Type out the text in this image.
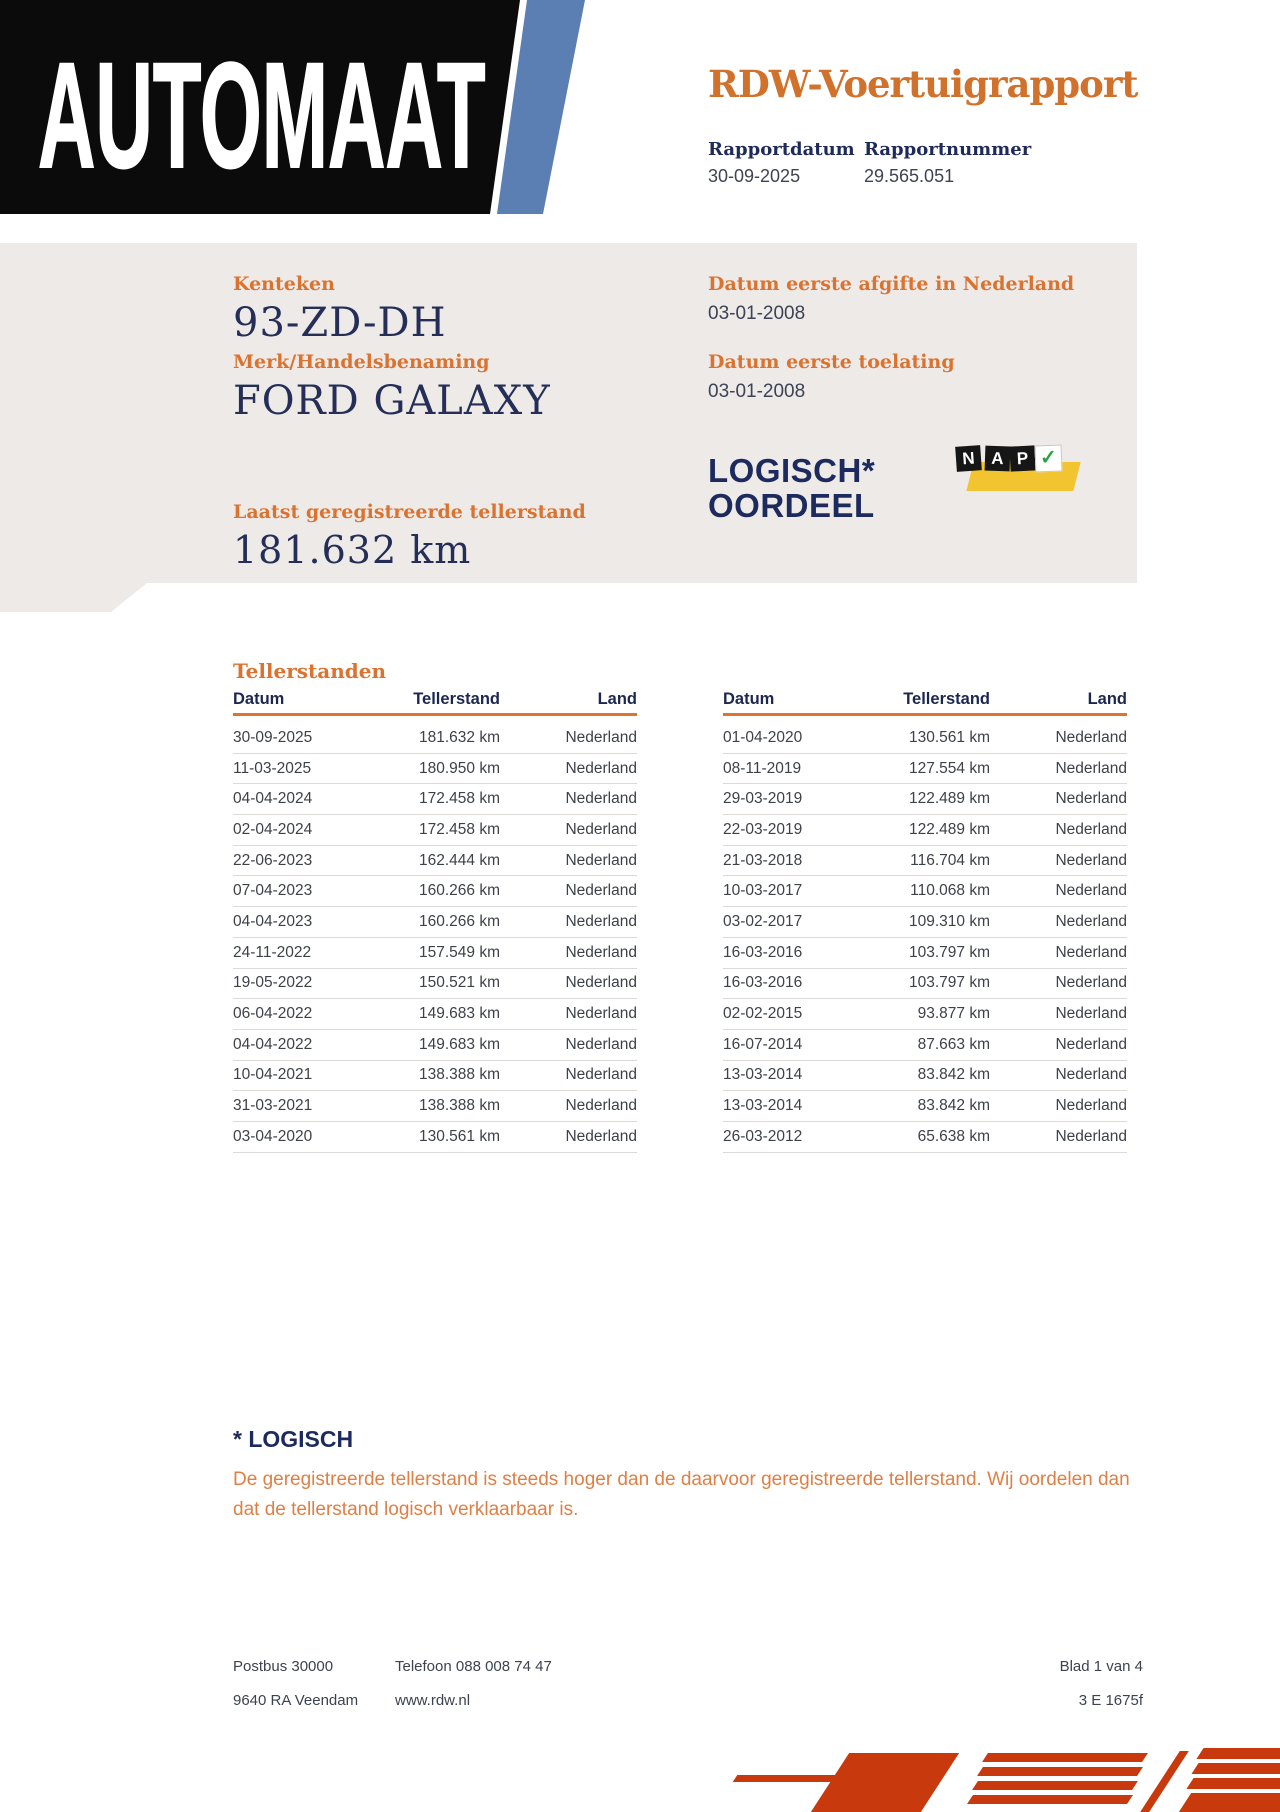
AUTOMAAT	RDW-Voertuigrapport
Rapportdatum Rapportnummer
30-09-2025	29.565.051
Kenteken
93-ZD-DH
Merk/Handelsbenaming
FORD GALAXY
Laatst geregistreerde tellerstand
181.632 km
Datum eerste afgifte in Nederland
03-01-2008
Datum eerste toelating
03-01-2008
LOGISCH*
OORDEEL
N A P ✓
Tellerstanden
Datum	Tellerstand	Land
30-09-2025	181.632 km	Nederland
11-03-2025	180.950 km	Nederland
04-04-2024	172.458 km	Nederland
02-04-2024	172.458 km	Nederland
22-06-2023	162.444 km	Nederland
07-04-2023	160.266 km	Nederland
04-04-2023	160.266 km	Nederland
24-11-2022	157.549 km	Nederland
19-05-2022	150.521 km	Nederland
06-04-2022	149.683 km	Nederland
04-04-2022	149.683 km	Nederland
10-04-2021	138.388 km	Nederland
31-03-2021	138.388 km	Nederland
03-04-2020	130.561 km	Nederland
Datum	Tellerstand	Land
01-04-2020	130.561 km	Nederland
08-11-2019	127.554 km	Nederland
29-03-2019	122.489 km	Nederland
22-03-2019	122.489 km	Nederland
21-03-2018	116.704 km	Nederland
10-03-2017	110.068 km	Nederland
03-02-2017	109.310 km	Nederland
16-03-2016	103.797 km	Nederland
16-03-2016	103.797 km	Nederland
02-02-2015	93.877 km	Nederland
16-07-2014	87.663 km	Nederland
13-03-2014	83.842 km	Nederland
13-03-2014	83.842 km	Nederland
26-03-2012	65.638 km	Nederland
* LOGISCH
De geregistreerde tellerstand is steeds hoger dan de daarvoor geregistreerde tellerstand. Wij oordelen dan dat de tellerstand logisch verklaarbaar is.
Postbus 30000	Telefoon 088 008 74 47
9640 RA Veendam www.rdw.nl
Blad 1 van 4
3 E 1675f
